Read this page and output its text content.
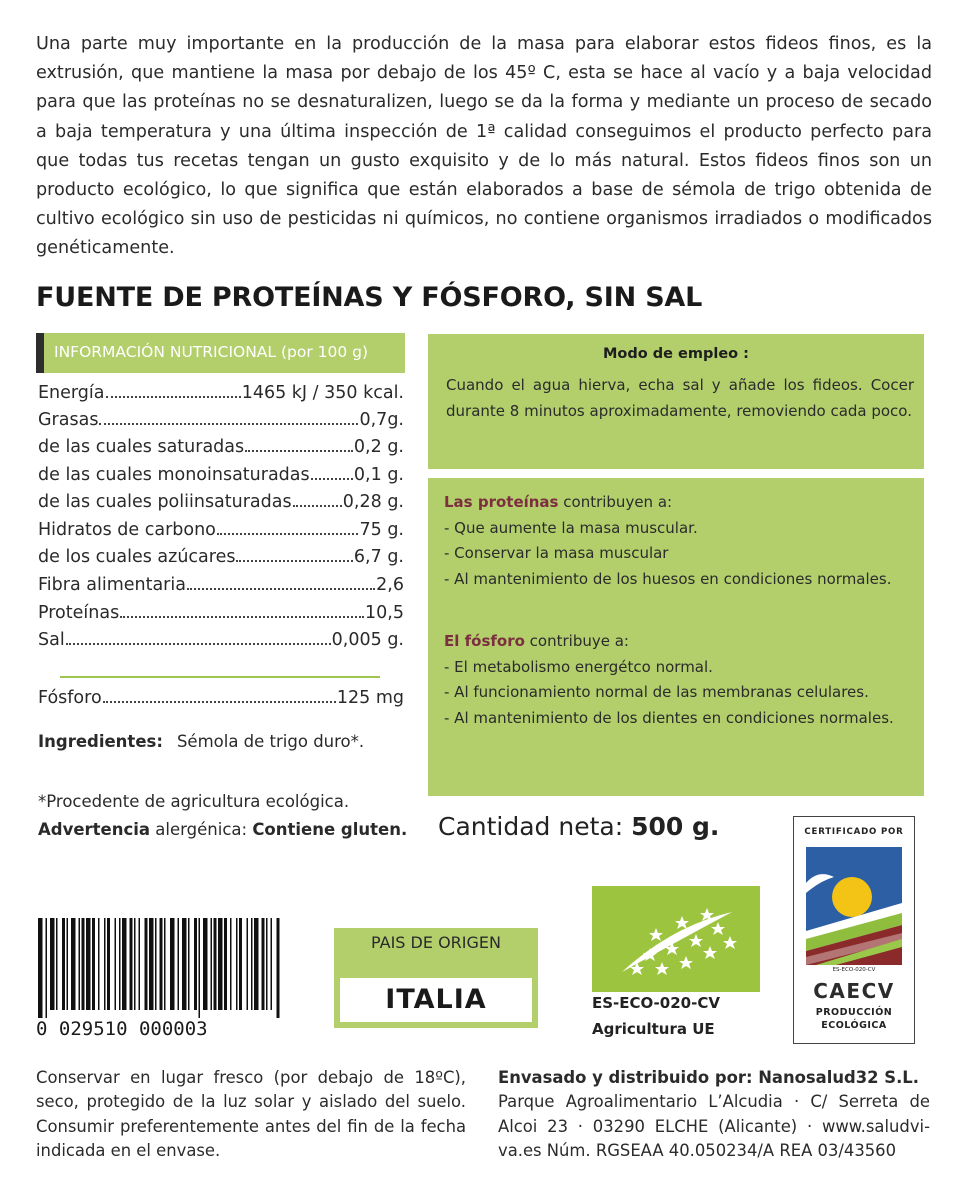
Una parte muy importante en la producción de la masa para elaborar estos fideos finos, es la extrusión, que mantiene la masa por debajo de los 45º C, esta se hace al vacío y a baja velocidad para que las proteínas no se desnaturalizen, luego se da la forma y mediante un proceso de secado a baja temperatura y una última inspección de 1ª calidad conseguimos el producto perfecto para que todas tus recetas tengan un gusto exquisito y de lo más natural. Estos fideos finos son un producto ecológico, lo que significa que están elaborados a base de sémola de trigo obtenida de cultivo ecológico sin uso de pesticidas ni químicos, no contiene organismos irradiados o modificados genéticamente.
FUENTE DE PROTEÍNAS Y FÓSFORO, SIN SAL
INFORMACIÓN NUTRICIONAL (por 100 g)
Energía	1465 kJ / 350 kcal.
Grasas	0,7g.
de las cuales saturadas	0,2 g.
de las cuales monoinsaturadas	0,1 g.
de las cuales poliinsaturadas	0,28 g.
Hidratos de carbono	75 g.
de los cuales azúcares	6,7 g.
Fibra alimentaria	2,6
Proteínas	10,5
Sal	0,005 g.
Fósforo	125 mg
Ingredientes: Sémola de trigo duro*.
*Procedente de agricultura ecológica.
Advertencia alergénica: Contiene gluten.
Modo de empleo :
Cuando el agua hierva, echa sal y añade los fideos. Cocer durante 8 minutos aproximadamente, removiendo cada poco.
Las proteínas contribuyen a:
- Que aumente la masa muscular.
- Conservar la masa muscular
- Al mantenimiento de los huesos en condiciones normales.
El fósforo contribuye a:
- El metabolismo energétco normal.
- Al funcionamiento normal de las membranas celulares.
- Al mantenimiento de los dientes en condiciones normales.
Cantidad neta: 500 g.
0 029510 000003
PAIS DE ORIGEN
ITALIA	ES-ECO-020-CV
Agricultura UE
CERTIFICADO POR
ES-ECO-020-CV
CAECV
PRODUCCIÓN
ECOLÓGICA
Conservar en lugar fresco (por debajo de 18ºC), seco, protegido de la luz solar y aislado del suelo. Consumir preferentemente antes del fin de la fecha indicada en el envase.
Envasado y distribuido por: Nanosalud32 S.L.
Parque Agroalimentario L’Alcudia · C/ Serreta de Alcoi 23 · 03290 ELCHE (Alicante) · www.saludvi-va.es Núm. RGSEAA 40.050234/A REA 03/43560
